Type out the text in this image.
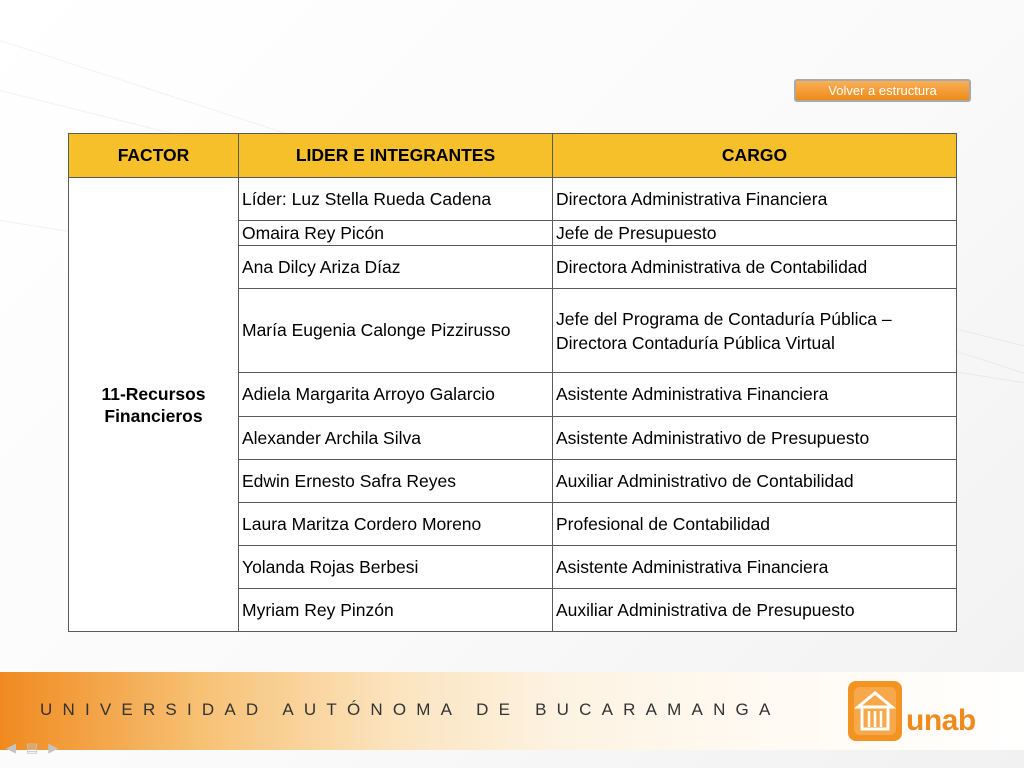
Volver a estructura
FACTOR	LIDER E INTEGRANTES	CARGO
11-Recursos
Financieros	Líder: Luz Stella Rueda Cadena	Directora Administrativa Financiera
	Omaira Rey Picón	Jefe de Presupuesto
	Ana Dilcy Ariza Díaz	Directora Administrativa de Contabilidad
	María Eugenia Calonge Pizzirusso	Jefe del Programa de Contaduría Pública – Directora Contaduría Pública Virtual
	Adiela Margarita Arroyo Galarcio	Asistente Administrativa Financiera
	Alexander Archila Silva	Asistente Administrativo de Presupuesto
	Edwin Ernesto Safra Reyes	Auxiliar Administrativo de Contabilidad
	Laura Maritza Cordero Moreno	Profesional de Contabilidad
	Yolanda Rojas Berbesi	Asistente Administrativa Financiera
	Myriam Rey Pinzón	Auxiliar Administrativa de Presupuesto
UNIVERSIDAD AUTÓNOMA DE BUCARAMANGA	unab
◀ ▤ ▶
